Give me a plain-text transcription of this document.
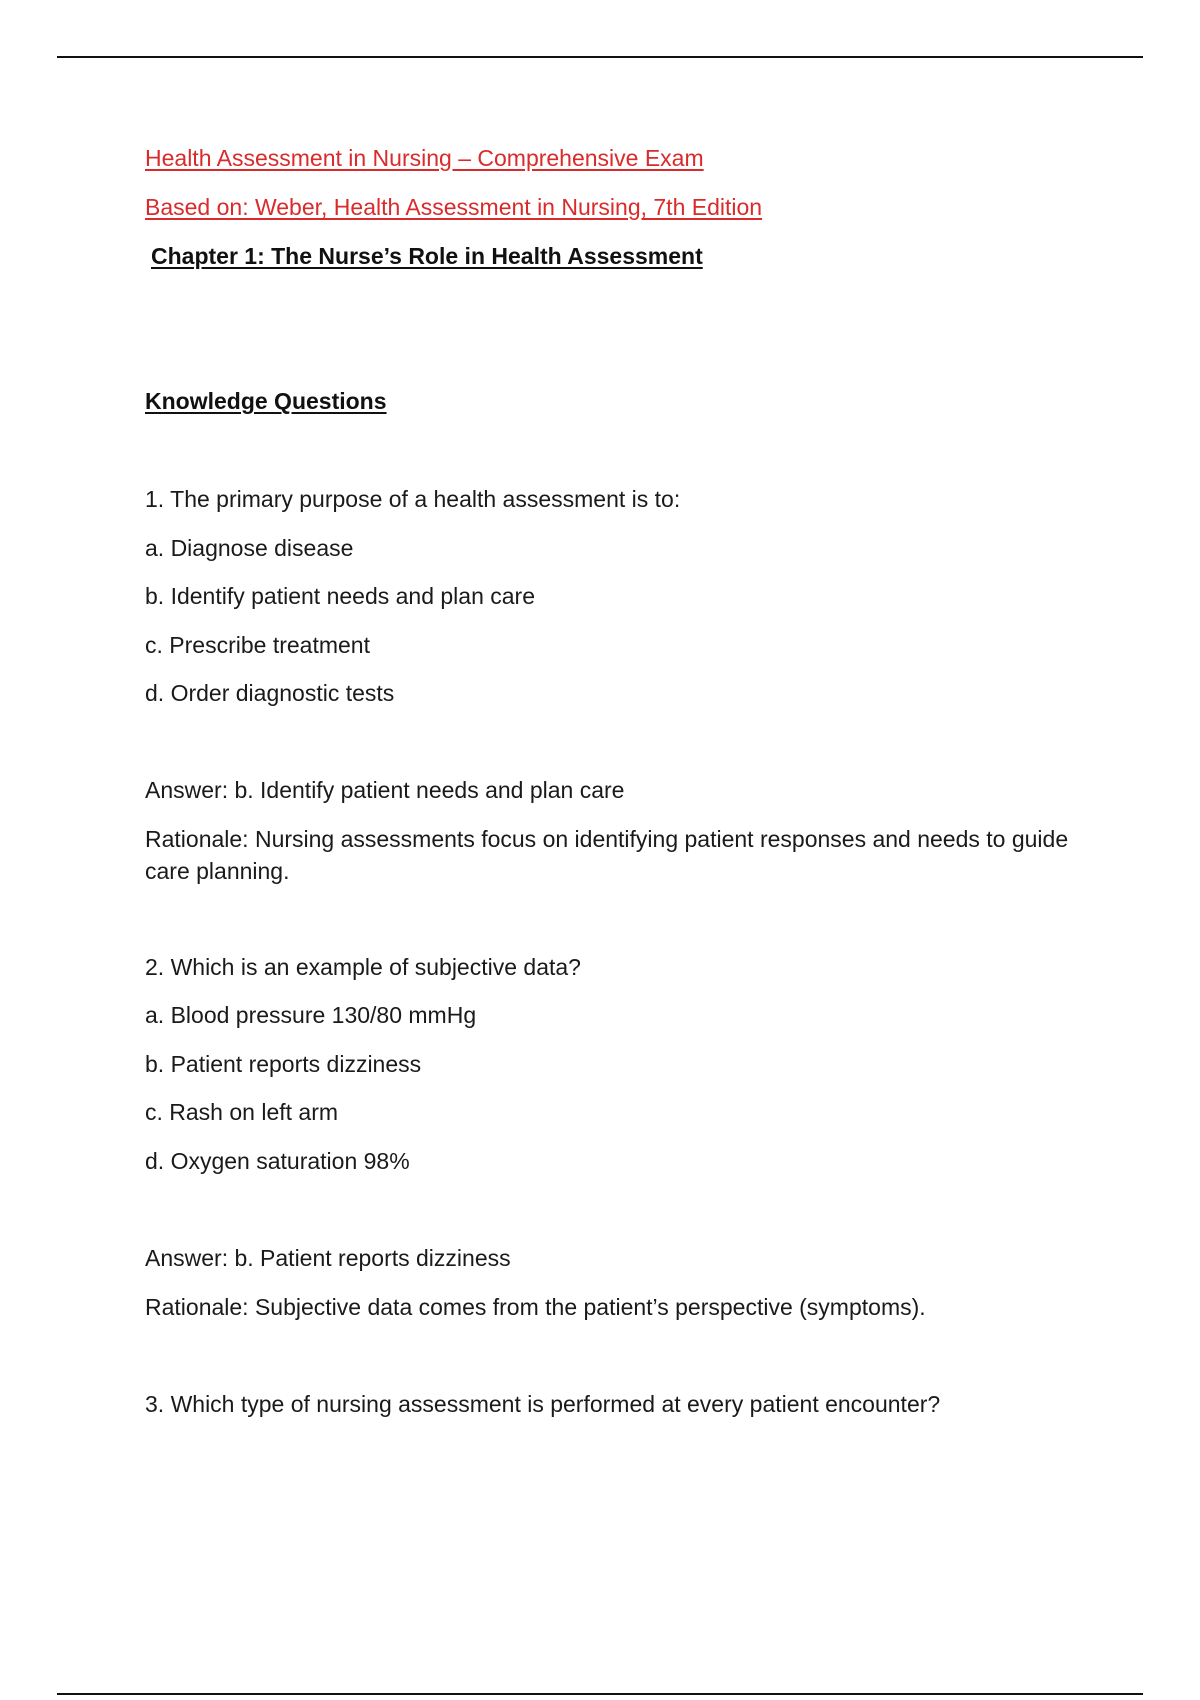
Health Assessment in Nursing – Comprehensive Exam
Based on: Weber, Health Assessment in Nursing, 7th Edition
Chapter 1: The Nurse’s Role in Health Assessment
Knowledge Questions
1. The primary purpose of a health assessment is to:
a. Diagnose disease
b. Identify patient needs and plan care
c. Prescribe treatment
d. Order diagnostic tests
Answer: b. Identify patient needs and plan care
Rationale: Nursing assessments focus on identifying patient responses and needs to guide care planning.
2. Which is an example of subjective data?
a. Blood pressure 130/80 mmHg
b. Patient reports dizziness
c. Rash on left arm
d. Oxygen saturation 98%
Answer: b. Patient reports dizziness
Rationale: Subjective data comes from the patient’s perspective (symptoms).
3. Which type of nursing assessment is performed at every patient encounter?
